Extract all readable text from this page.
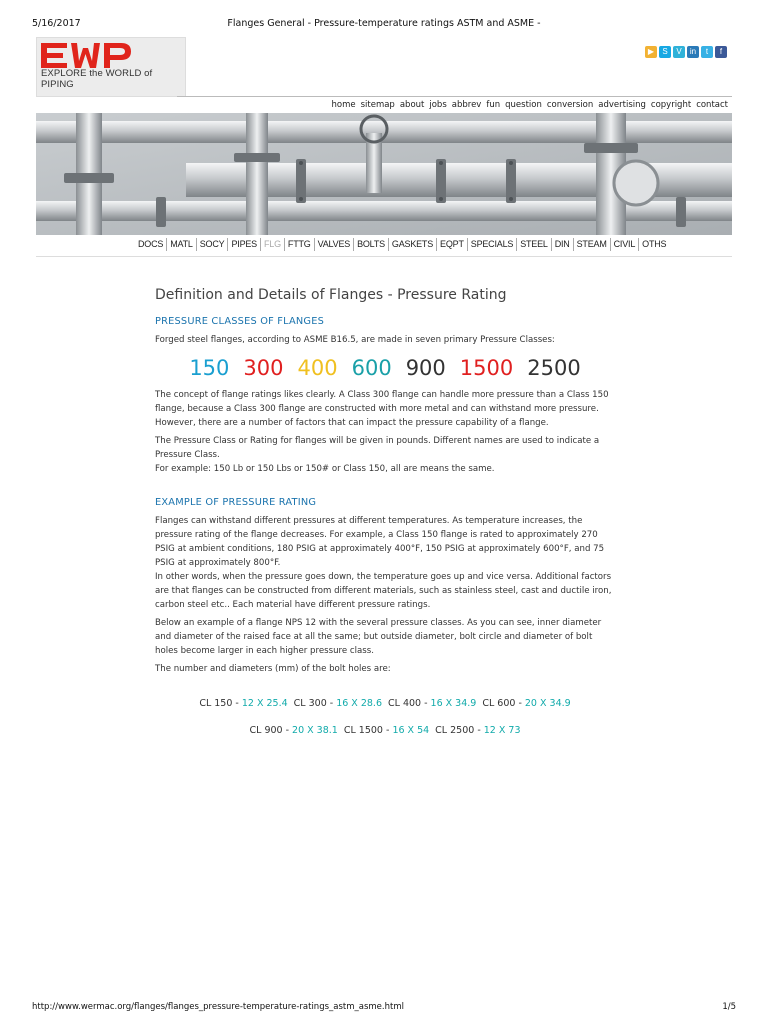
5/16/2017	Flanges General - Pressure-temperature ratings ASTM and ASME -
EXPLORE the WORLD of PIPING
▶	S	V	in	t	f
home sitemap about jobs abbrev fun question conversion advertising copyright contact
DOCS MATL SOCY PIPES FLG FTTG VALVES BOLTS GASKETS EQPT SPECIALS STEEL DIN STEAM CIVIL OTHS
Definition and Details of Flanges - Pressure Rating
PRESSURE CLASSES OF FLANGES

Forged steel flanges, according to ASME B16.5, are made in seven primary Pressure Classes:

150 300 400 600 900 1500 2500

The concept of flange ratings likes clearly. A Class 300 flange can handle more pressure than a Class 150 flange, because a Class 300 flange are constructed with more metal and can withstand more pressure. However, there are a number of factors that can impact the pressure capability of a flange.

The Pressure Class or Rating for flanges will be given in pounds. Different names are used to indicate a Pressure Class.

For example: 150 Lb or 150 Lbs or 150# or Class 150, all are means the same.

EXAMPLE OF PRESSURE RATING

Flanges can withstand different pressures at different temperatures. As temperature increases, the pressure rating of the flange decreases. For example, a Class 150 flange is rated to approximately 270 PSIG at ambient conditions, 180 PSIG at approximately 400°F, 150 PSIG at approximately 600°F, and 75 PSIG at approximately 800°F.

In other words, when the pressure goes down, the temperature goes up and vice versa. Additional factors are that flanges can be constructed from different materials, such as stainless steel, cast and ductile iron, carbon steel etc.. Each material have different pressure ratings.

Below an example of a flange NPS 12 with the several pressure classes. As you can see, inner diameter and diameter of the raised face at all the same; but outside diameter, bolt circle and diameter of bolt holes become larger in each higher pressure class.

The number and diameters (mm) of the bolt holes are:

CL 150 - 12 X 25.4 CL 300 - 16 X 28.6 CL 400 - 16 X 34.9 CL 600 - 20 X 34.9
CL 900 - 20 X 38.1 CL 1500 - 16 X 54 CL 2500 - 12 X 73
http://www.wermac.org/flanges/flanges_pressure-temperature-ratings_astm_asme.html	1/5
